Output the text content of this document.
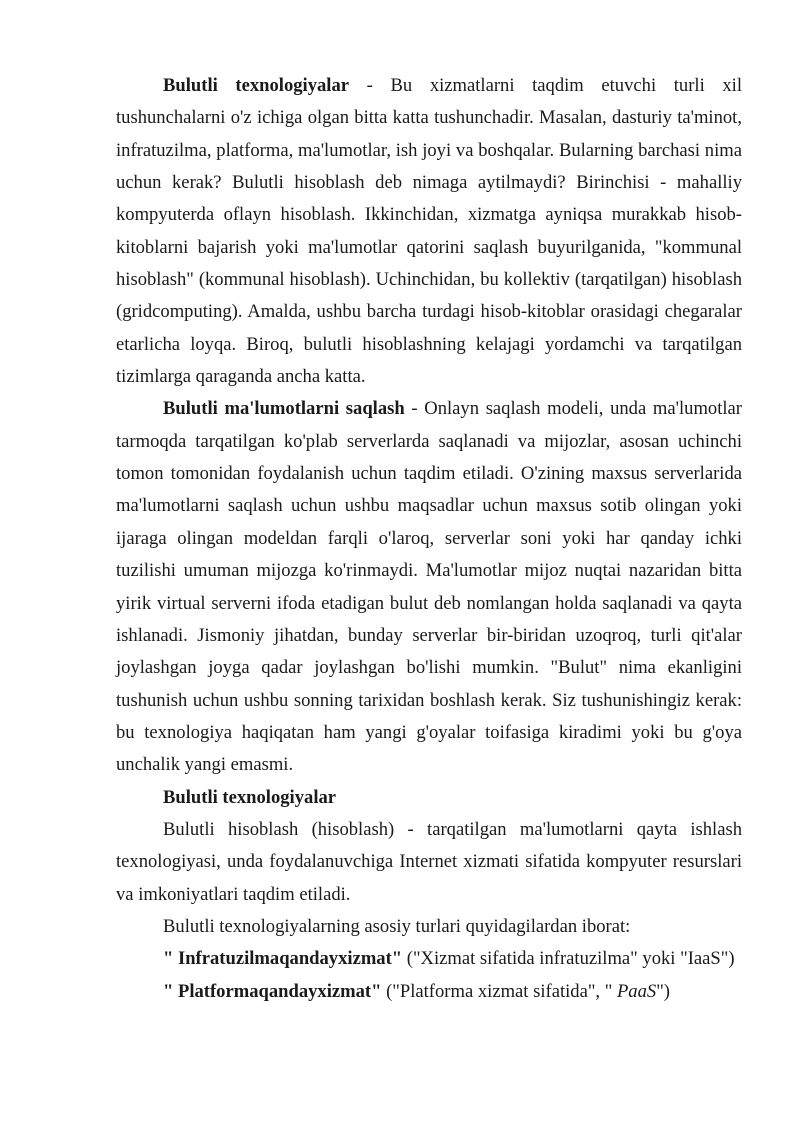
Bulutli texnologiyalar - Bu xizmatlarni taqdim etuvchi turli xil tushunchalarni o'z ichiga olgan bitta katta tushunchadir. Masalan, dasturiy ta'minot, infratuzilma, platforma, ma'lumotlar, ish joyi va boshqalar. Bularning barchasi nima uchun kerak? Bulutli hisoblash deb nimaga aytilmaydi? Birinchisi - mahalliy kompyuterda oflayn hisoblash. Ikkinchidan, xizmatga ayniqsa murakkab hisob-kitoblarni bajarish yoki ma'lumotlar qatorini saqlash buyurilganida, "kommunal hisoblash" (kommunal hisoblash). Uchinchidan, bu kollektiv (tarqatilgan) hisoblash (gridcomputing). Amalda, ushbu barcha turdagi hisob-kitoblar orasidagi chegaralar etarlicha loyqa. Biroq, bulutli hisoblashning kelajagi yordamchi va tarqatilgan tizimlarga qaraganda ancha katta.

Bulutli ma'lumotlarni saqlash - Onlayn saqlash modeli, unda ma'lumotlar tarmoqda tarqatilgan ko'plab serverlarda saqlanadi va mijozlar, asosan uchinchi tomon tomonidan foydalanish uchun taqdim etiladi. O'zining maxsus serverlarida ma'lumotlarni saqlash uchun ushbu maqsadlar uchun maxsus sotib olingan yoki ijaraga olingan modeldan farqli o'laroq, serverlar soni yoki har qanday ichki tuzilishi umuman mijozga ko'rinmaydi. Ma'lumotlar mijoz nuqtai nazaridan bitta yirik virtual serverni ifoda etadigan bulut deb nomlangan holda saqlanadi va qayta ishlanadi. Jismoniy jihatdan, bunday serverlar bir-biridan uzoqroq, turli qit'alar joylashgan joyga qadar joylashgan bo'lishi mumkin. "Bulut" nima ekanligini tushunish uchun ushbu sonning tarixidan boshlash kerak. Siz tushunishingiz kerak: bu texnologiya haqiqatan ham yangi g'oyalar toifasiga kiradimi yoki bu g'oya unchalik yangi emasmi.

Bulutli texnologiyalar

Bulutli hisoblash (hisoblash) - tarqatilgan ma'lumotlarni qayta ishlash texnologiyasi, unda foydalanuvchiga Internet xizmati sifatida kompyuter resurslari va imkoniyatlari taqdim etiladi.

Bulutli texnologiyalarning asosiy turlari quyidagilardan iborat:

" Infratuzilmaqandayxizmat" ("Xizmat sifatida infratuzilma" yoki "IaaS")

" Platformaqandayxizmat" ("Platforma xizmat sifatida", " PaaS")
